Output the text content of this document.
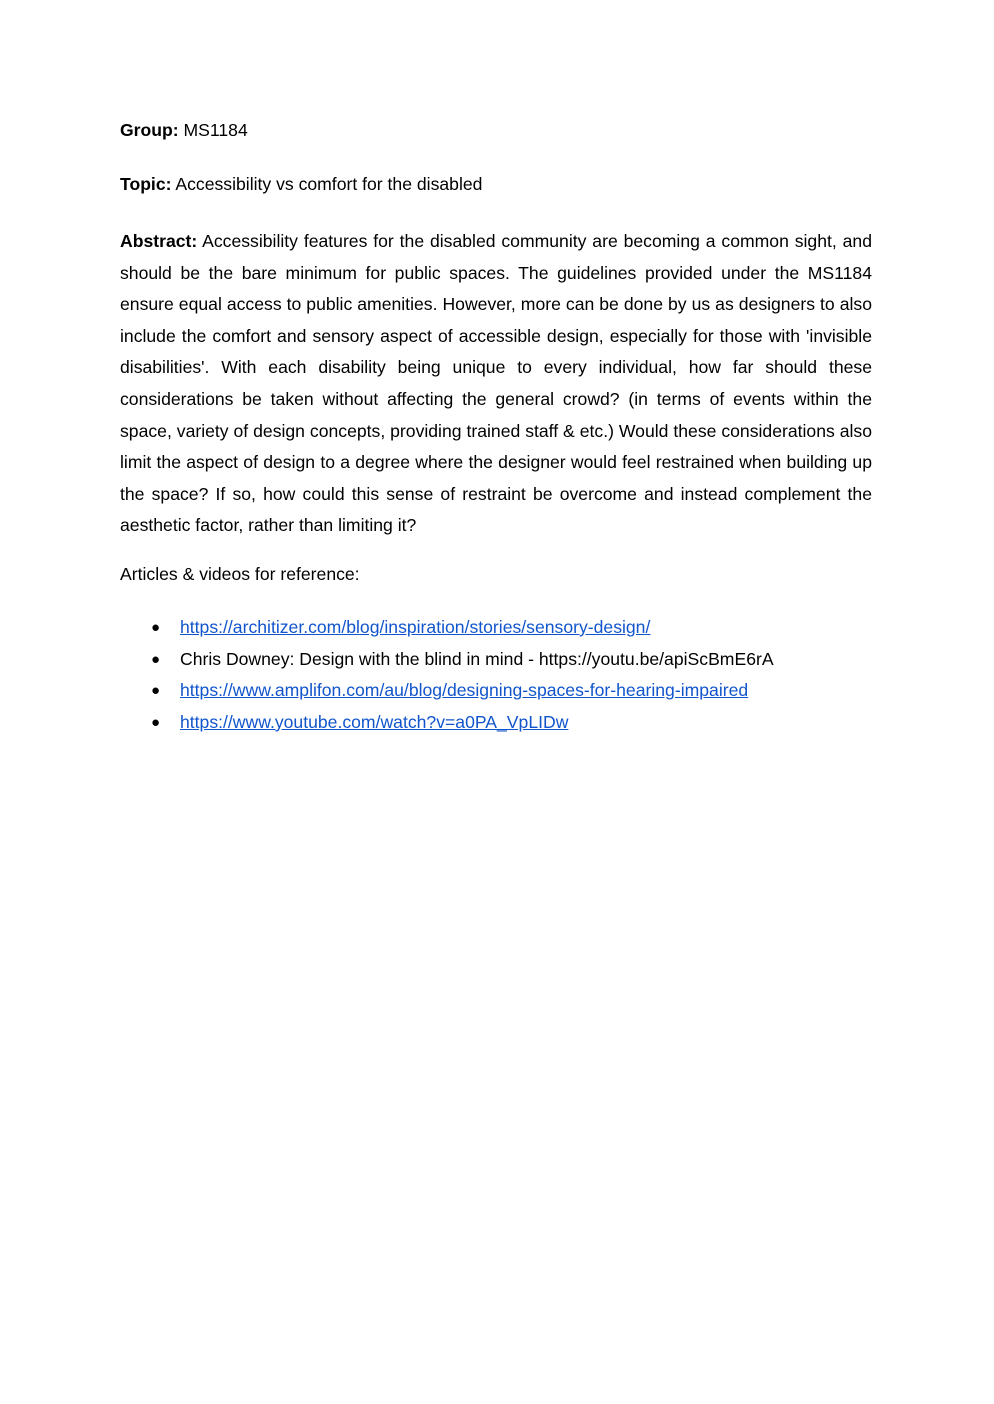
Group: MS1184

Topic: Accessibility vs comfort for the disabled

Abstract: Accessibility features for the disabled community are becoming a common sight, and should be the bare minimum for public spaces. The guidelines provided under the MS1184 ensure equal access to public amenities. However, more can be done by us as designers to also include the comfort and sensory aspect of accessible design, especially for those with 'invisible disabilities'. With each disability being unique to every individual, how far should these considerations be taken without affecting the general crowd? (in terms of events within the space, variety of design concepts, providing trained staff & etc.) Would these considerations also limit the aspect of design to a degree where the designer would feel restrained when building up the space? If so, how could this sense of restraint be overcome and instead complement the aesthetic factor, rather than limiting it?

Articles & videos for reference:

● https://architizer.com/blog/inspiration/stories/sensory-design/
● Chris Downey: Design with the blind in mind - https://youtu.be/apiScBmE6rA
● https://www.amplifon.com/au/blog/designing-spaces-for-hearing-impaired
● https://www.youtube.com/watch?v=a0PA_VpLIDw
